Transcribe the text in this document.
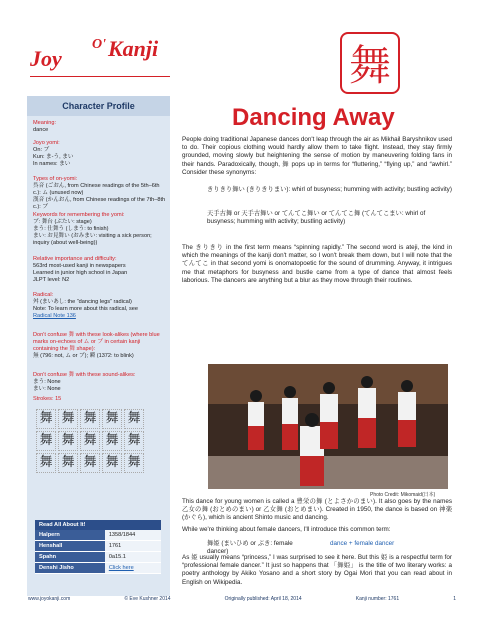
Joy
O' Kanji	舞
Character Profile
Meaning:
dance
Joyo yomi:
On: ブ
Kun: ま-う, まい
In names: まい
Types of on-yomi:
呉音 (ごおん, from Chinese readings of the 5th–6th c.): ム (unused now)
漢音 (かんおん, from Chinese readings of the 7th–8th c.): ブ
Keywords for remembering the yomi:
ブ: 舞台 (ぶたい: stage)
まう: 仕舞う (しまう: to finish)
まい: お見舞い (おみまい: visiting a sick person; inquiry (about well-being))
Relative importance and difficulty:
563rd most-used kanji in newspapers
Learned in junior high school in Japan
JLPT level: N2
Radical:
舛 (まいあし: the “dancing legs” radical)
Note: To learn more about this radical, see
Radical Note 136
Don't confuse 舞 with these look-alikes (where blue marks on-echoes of ム or ブ in certain kanji containing the 舞 shape):
無 (796: not, ム or ブ); 瞬 (1372: to blink)
Don't confuse 舞 with these sound-alikes:
まう: None
まい: None
Strokes: 15
舞 舞 舞 舞 舞舞 舞 舞 舞 舞舞 舞 舞 舞 舞
Read All About It!
Halpern	1358/1844
Henshall	1761
Spahn	0a15.1
Denshi Jisho	Click here
Dancing Away
People doing traditional Japanese dances don't leap through the air as Mikhail Baryshnikov used to do. Their copious clothing would hardly allow them to take flight. Instead, they stay firmly grounded, moving slowly but heightening the sense of motion by maneuvering folding fans in their hands. Paradoxically, though, 舞 pops up in terms for “fluttering,” “flying up,” and “awhirl.” Consider these synonyms:
きりきり舞い (きりきりまい): whirl of busyness; humming with activity; bustling activity)
天手古舞 or 天手古舞い or てんてこ舞い or てんてこ舞 (てんてこまい: whirl of busyness; humming with activity; bustling activity)
The きりきり in the first term means “spinning rapidly.” The second word is ateji, the kind in which the meanings of the kanji don't matter, so I won't break them down, but I will note that the てんてこ in that second yomi is onomatopoetic for the sound of drumming. Anyway, it intrigues me that metaphors for busyness and bustle came from a type of dance that almost feels laborious. The dancers are anything but a blur as they move through their routines.
Photo Credit: Mikomaid(日本)
This dance for young women is called a 豊栄の舞 (とよさかのまい). It also goes by the names 乙女の舞 (おとめのまい) or 乙女舞 (おとめまい). Created in 1950, the dance is based on 神楽 (かぐら), which is ancient Shinto music and dancing.
While we're thinking about female dancers, I'll introduce this common term:
舞姫 (まいひめ or ぶき: female dancer)
dance + female dancer
As 姫 usually means “princess,” I was surprised to see it here. But this 姫 is a respectful term for “professional female dancer.” It just so happens that 「舞姫」 is the title of two literary works: a poetry anthology by Akiko Yosano and a short story by Ogai Mori that you can read about in English on Wikipedia.
www.joyokanji.com	© Eve Kushner 2014	Originally published: April 18, 2014	Kanji number: 1761	1
